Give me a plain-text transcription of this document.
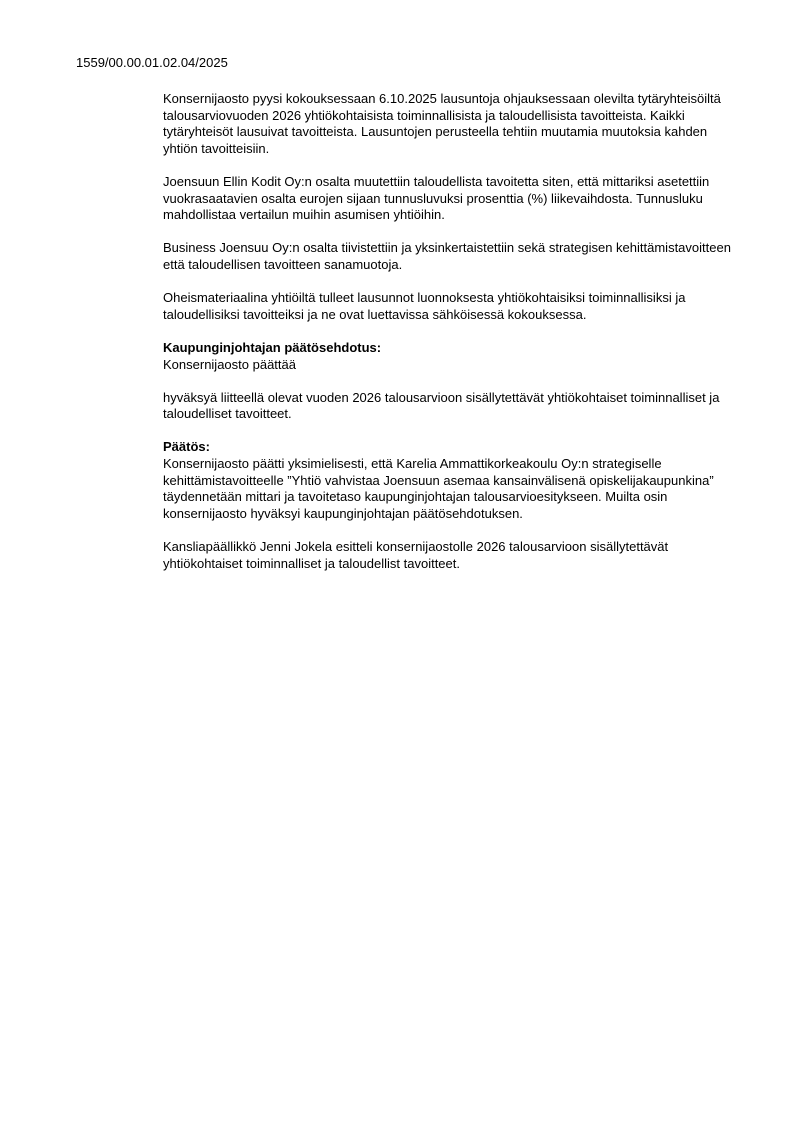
1559/00.00.01.02.04/2025

Konsernijaosto pyysi kokouksessaan 6.10.2025 lausuntoja ohjauksessaan olevilta tytäryhteisöiltä talousarviovuoden 2026 yhtiökohtaisista toiminnallisista ja taloudellisista tavoitteista. Kaikki tytäryhteisöt lausuivat tavoitteista. Lausuntojen perusteella tehtiin muutamia muutoksia kahden yhtiön tavoitteisiin.

Joensuun Ellin Kodit Oy:n osalta muutettiin taloudellista tavoitetta siten, että mittariksi asetettiin vuokrasaatavien osalta eurojen sijaan tunnusluvuksi prosenttia (%) liikevaihdosta. Tunnusluku mahdollistaa vertailun muihin asumisen yhtiöihin.

Business Joensuu Oy:n osalta tiivistettiin ja yksinkertaistettiin sekä strategisen kehittämistavoitteen että taloudellisen tavoitteen sanamuotoja.

Oheismateriaalina yhtiöiltä tulleet lausunnot luonnoksesta yhtiökohtaisiksi toiminnallisiksi ja taloudellisiksi tavoitteiksi ja ne ovat luettavissa sähköisessä kokouksessa.

Kaupunginjohtajan päätösehdotus:

Konsernijaosto päättää

hyväksyä liitteellä olevat vuoden 2026 talousarvioon sisällytettävät yhtiökohtaiset toiminnalliset ja taloudelliset tavoitteet.

Päätös:

Konsernijaosto päätti yksimielisesti, että Karelia Ammattikorkeakoulu Oy:n strategiselle kehittämistavoitteelle ”Yhtiö vahvistaa Joensuun asemaa kansainvälisenä opiskelijakaupunkina” täydennetään mittari ja tavoitetaso kaupunginjohtajan talousarvioesitykseen. Muilta osin konsernijaosto hyväksyi kaupunginjohtajan päätösehdotuksen.

Kansliapäällikkö Jenni Jokela esitteli konsernijaostolle 2026 talousarvioon sisällytettävät yhtiökohtaiset toiminnalliset ja taloudellist tavoitteet.
